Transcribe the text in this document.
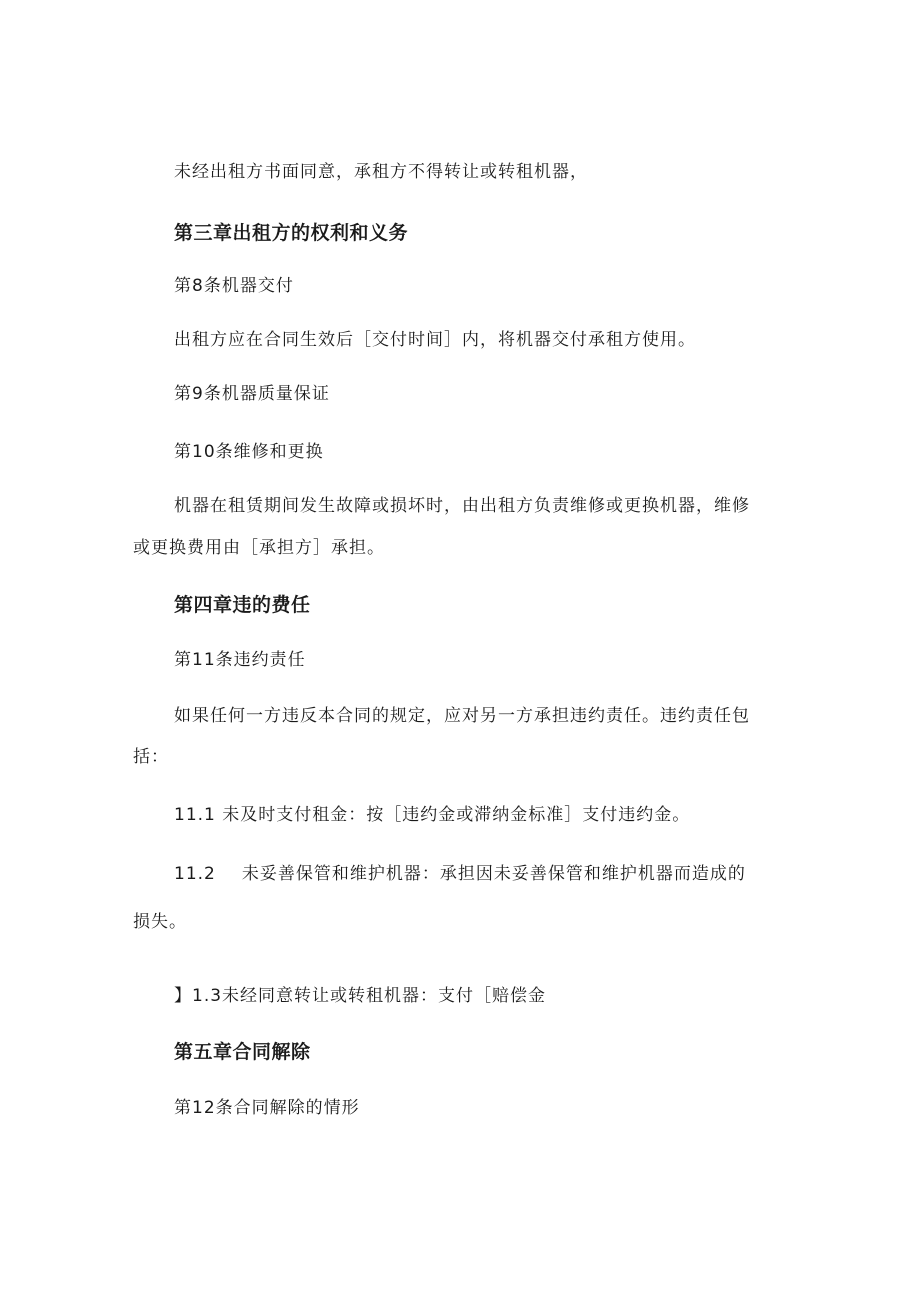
未经出租方书面同意，承租方不得转让或转租机器，

第三章出租方的权利和义务

第8条机器交付

出租方应在合同生效后［交付时间］内，将机器交付承租方使用。

第9条机器质量保证

第10条维修和更换

机器在租赁期间发生故障或损坏时，由出租方负责维修或更换机器，维修

或更换费用由［承担方］承担。

第四章违的费任

第11条违约责任

如果任何一方违反本合同的规定，应对另一方承担违约责任。违约责任包

括：

11.1 未及时支付租金：按［违约金或滞纳金标准］支付违约金。

11.2 未妥善保管和维护机器：承担因未妥善保管和维护机器而造成的

损失。

】1.3未经同意转让或转租机器：支付［赔偿金

第五章合同解除

第12条合同解除的情形
